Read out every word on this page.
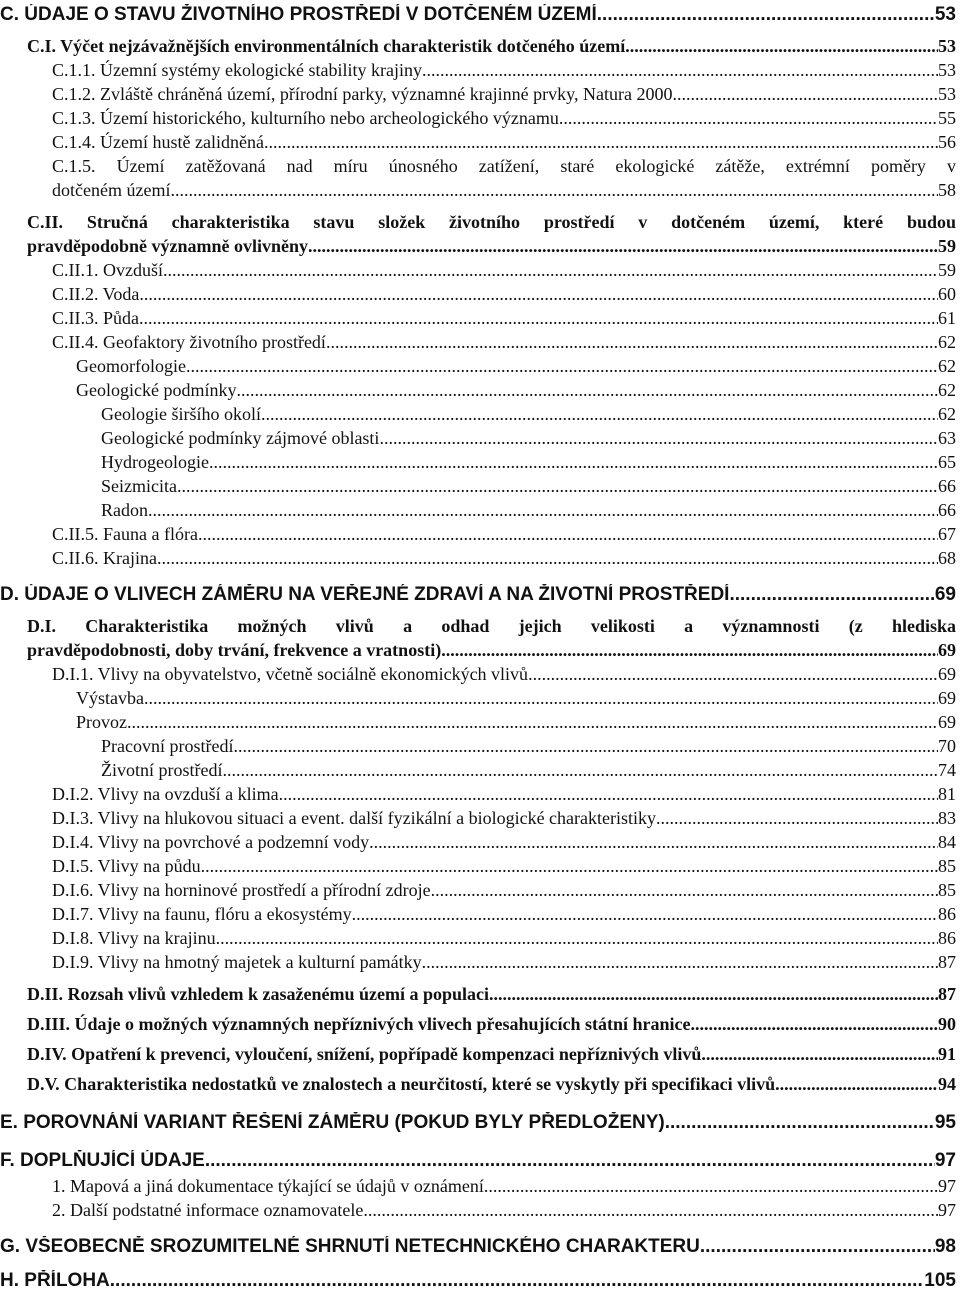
C. ÚDAJE O STAVU ŽIVOTNÍHO PROSTŘEDÍ V DOTČENÉM ÚZEMÍ .....	53
C.I. Výčet nejzávažnějších environmentálních charakteristik dotčeného území .....	53
C.1.1. Územní systémy ekologické stability krajiny .....	53
C.1.2. Zvláště chráněná území, přírodní parky, významné krajinné prvky, Natura 2000. .....	53
C.1.3. Území historického, kulturního nebo archeologického významu .....	55
C.1.4. Území hustě zalidněná .....	56
C.1.5. Území zatěžovaná nad míru únosného zatížení, staré ekologické zátěže, extrémní poměry v
dotčeném území .....	58
C.II. Stručná charakteristika stavu složek životního prostředí v dotčeném území, které budou
pravděpodobně významně ovlivněny .....	59
C.II.1. Ovzduší .....	59
C.II.2. Voda .....	60
C.II.3. Půda .....	61
C.II.4. Geofaktory životního prostředí .....	62
Geomorfologie .....	62
Geologické podmínky .....	62
Geologie širšího okolí .....	62
Geologické podmínky zájmové oblasti .....	63
Hydrogeologie .....	65
Seizmicita .....	66
Radon .....	66
C.II.5. Fauna a flóra .....	67
C.II.6. Krajina .....	68
D. ÚDAJE O VLIVECH ZÁMĚRU NA VEŘEJNÉ ZDRAVÍ A NA ŽIVOTNÍ PROSTŘEDÍ .....	69
D.I. Charakteristika možných vlivů a odhad jejich velikosti a významnosti (z hlediska
pravděpodobnosti, doby trvání, frekvence a vratnosti) .....	69
D.I.1. Vlivy na obyvatelstvo, včetně sociálně ekonomických vlivů .....	69
Výstavba .....	69
Provoz .....	69
Pracovní prostředí .....	70
Životní prostředí .....	74
D.I.2. Vlivy na ovzduší a klima .....	81
D.I.3. Vlivy na hlukovou situaci a event. další fyzikální a biologické charakteristiky .....	83
D.I.4. Vlivy na povrchové a podzemní vody .....	84
D.I.5. Vlivy na půdu .....	85
D.I.6. Vlivy na horninové prostředí a přírodní zdroje .....	85
D.I.7. Vlivy na faunu, flóru a ekosystémy .....	86
D.I.8. Vlivy na krajinu .....	86
D.I.9. Vlivy na hmotný majetek a kulturní památky .....	87
D.II. Rozsah vlivů vzhledem k zasaženému území a populaci .....	87
D.III. Údaje o možných významných nepříznivých vlivech přesahujících státní hranice .....	90
D.IV. Opatření k prevenci, vyloučení, snížení, popřípadě kompenzaci nepříznivých vlivů .....	91
D.V. Charakteristika nedostatků ve znalostech a neurčitostí, které se vyskytly při specifikaci vlivů .....	94
E. POROVNÁNÍ VARIANT ŘEŠENÍ ZÁMĚRU (POKUD BYLY PŘEDLOŽENY) .....	95
F. DOPLŇUJÍCÍ ÚDAJE .....	97
1. Mapová a jiná dokumentace týkající se údajů v oznámení .....	97
2. Další podstatné informace oznamovatele .....	97
G. VŠEOBECNĚ SROZUMITELNÉ SHRNUTÍ NETECHNICKÉHO CHARAKTERU .....	98
H. PŘÍLOHA .....	105
